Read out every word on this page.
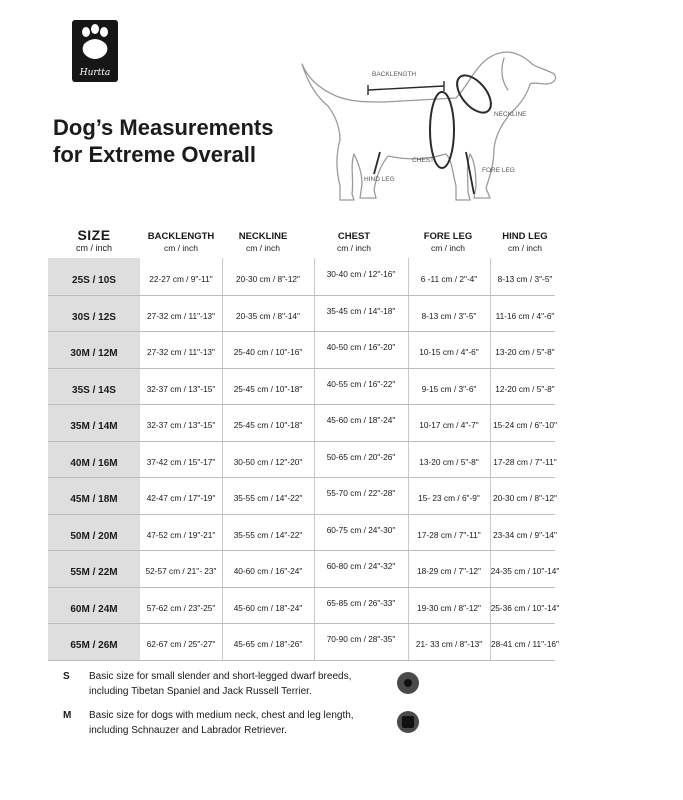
Hurtta
Dog’s Measurements
for Extreme Overall
BACKLENGTH
NECKLINE
CHEST
FORE LEG
HIND LEG
SIZE
cm / inch
BACKLENGTH
cm / inch
NECKLINE
cm / inch
CHEST
cm / inch
FORE LEG
cm / inch
HIND LEG
cm / inch
25S / 10S	22-27 cm / 9"-11"	20-30 cm / 8"-12"	30-40 cm / 12"-16"	6 -11 cm / 2"-4"	8-13 cm / 3"-5"
30S / 12S	27-32 cm / 11"-13"	20-35 cm / 8"-14"	35-45 cm / 14"-18"	8-13 cm / 3"-5"	11-16 cm / 4"-6"
30M / 12M	27-32 cm / 11"-13"	25-40 cm / 10"-16"	40-50 cm / 16"-20"	10-15 cm / 4"-6"	13-20 cm / 5"-8"
35S / 14S	32-37 cm / 13"-15"	25-45 cm / 10"-18"	40-55 cm / 16"-22"	9-15 cm / 3"-6"	12-20 cm / 5"-8"
35M / 14M	32-37 cm / 13"-15"	25-45 cm / 10"-18"	45-60 cm / 18"-24"	10-17 cm / 4"-7"	15-24 cm / 6"-10"
40M / 16M	37-42 cm / 15"-17"	30-50 cm / 12"-20"	50-65 cm / 20"-26"	13-20 cm / 5"-8"	17-28 cm / 7"-11"
45M / 18M	42-47 cm / 17"-19"	35-55 cm / 14"-22"	55-70 cm / 22"-28"	15- 23 cm / 6"-9"	20-30 cm / 8"-12"
50M / 20M	47-52 cm / 19"-21"	35-55 cm / 14"-22"	60-75 cm / 24"-30"	17-28 cm / 7"-11"	23-34 cm / 9"-14"
55M / 22M	52-57 cm / 21"- 23"	40-60 cm / 16"-24"	60-80 cm / 24"-32"	18-29 cm / 7"-12"	24-35 cm / 10"-14"
60M / 24M	57-62 cm / 23"-25"	45-60 cm / 18"-24"	65-85 cm / 26"-33"	19-30 cm / 8"-12"	25-36 cm / 10"-14"
65M / 26M	62-67 cm / 25"-27"	45-65 cm / 18"-26"	70-90 cm / 28"-35"	21- 33 cm / 8"-13"	28-41 cm / 11"-16"
S Basic size for small slender and short-legged dwarf breeds,
including Tibetan Spaniel and Jack Russell Terrier.
M Basic size for dogs with medium neck, chest and leg length,
including Schnauzer and Labrador Retriever.
